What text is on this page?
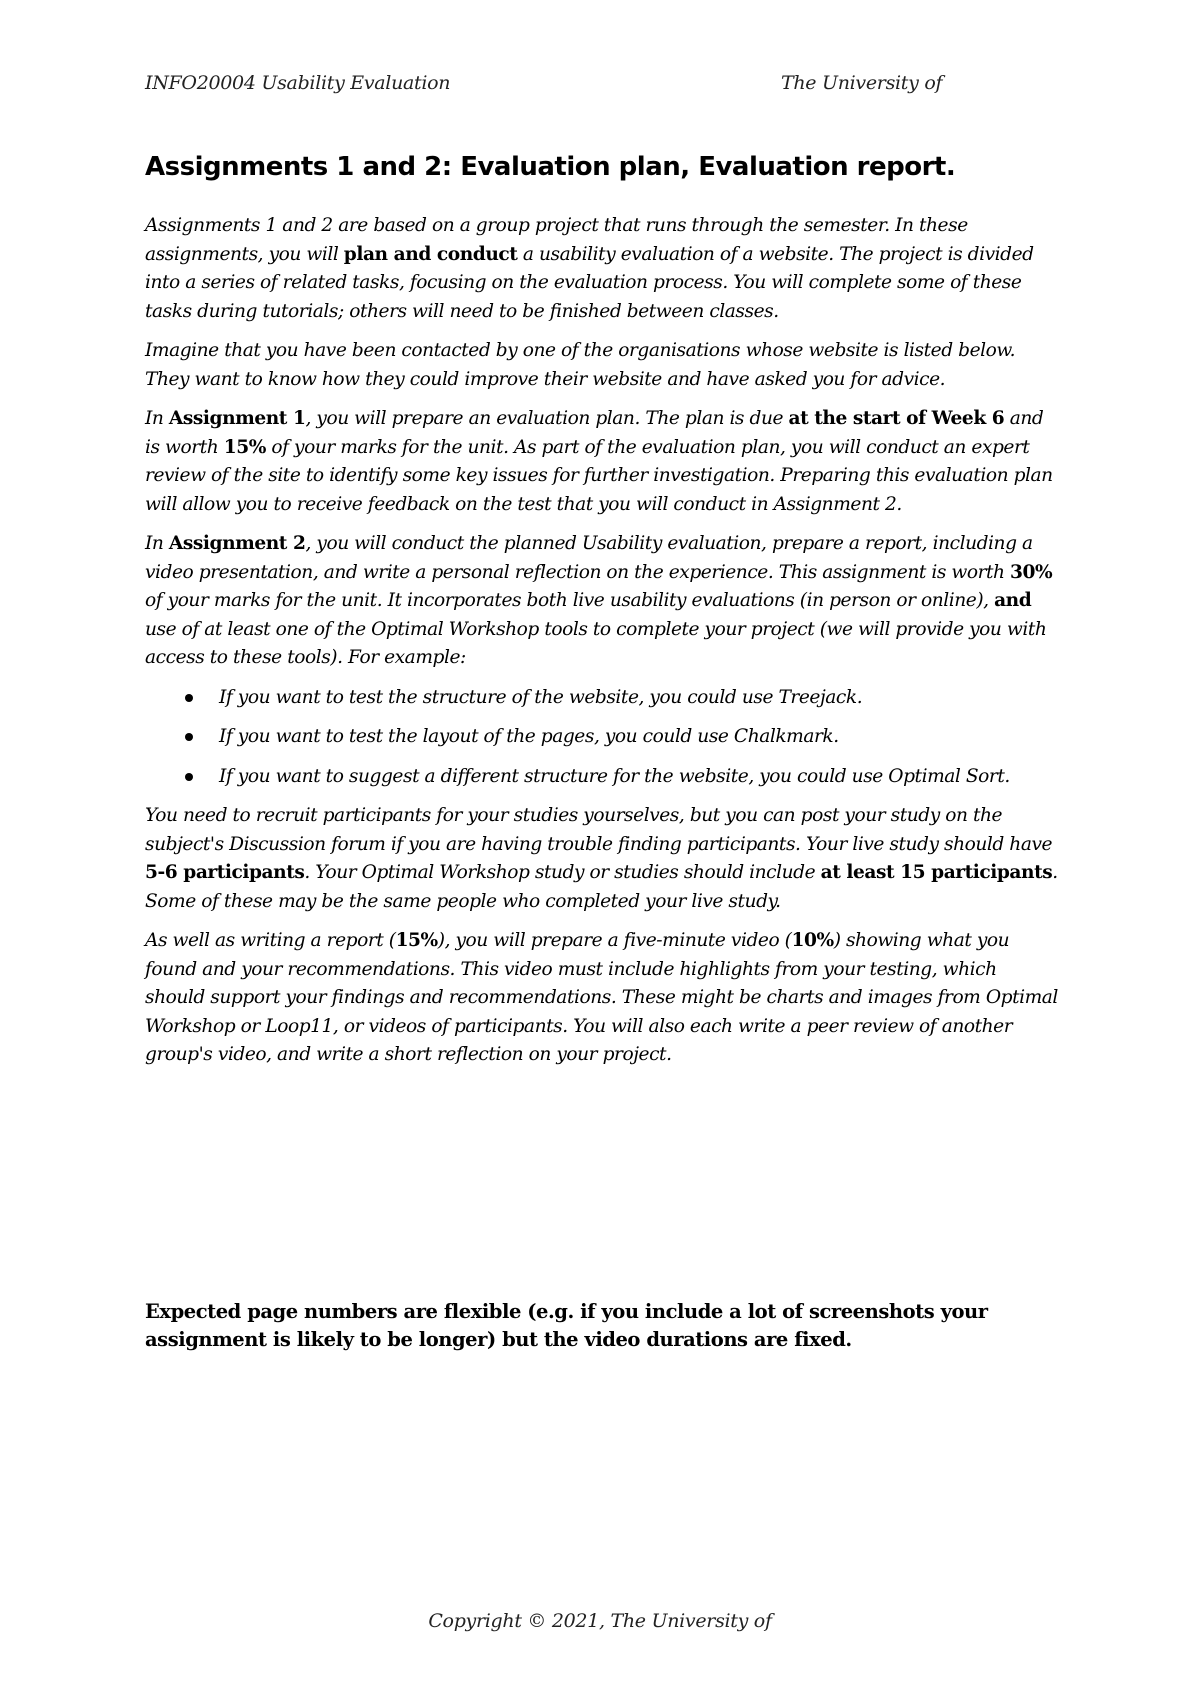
INFO20004 Usability Evaluation	The University of
Assignments 1 and 2: Evaluation plan, Evaluation report.

Assignments 1 and 2 are based on a group project that runs through the semester. In these assignments, you will plan and conduct a usability evaluation of a website. The project is divided into a series of related tasks, focusing on the evaluation process. You will complete some of these tasks during tutorials; others will need to be finished between classes.

Imagine that you have been contacted by one of the organisations whose website is listed below. They want to know how they could improve their website and have asked you for advice.

In Assignment 1, you will prepare an evaluation plan. The plan is due at the start of Week 6 and is worth 15% of your marks for the unit. As part of the evaluation plan, you will conduct an expert review of the site to identify some key issues for further investigation. Preparing this evaluation plan will allow you to receive feedback on the test that you will conduct in Assignment 2.

In Assignment 2, you will conduct the planned Usability evaluation, prepare a report, including a video presentation, and write a personal reflection on the experience. This assignment is worth 30% of your marks for the unit. It incorporates both live usability evaluations (in person or online), and use of at least one of the Optimal Workshop tools to complete your project (we will provide you with access to these tools). For example:

If you want to test the structure of the website, you could use Treejack.
If you want to test the layout of the pages, you could use Chalkmark.
If you want to suggest a different structure for the website, you could use Optimal Sort.

You need to recruit participants for your studies yourselves, but you can post your study on the subject's Discussion forum if you are having trouble finding participants. Your live study should have 5-6 participants. Your Optimal Workshop study or studies should include at least 15 participants. Some of these may be the same people who completed your live study.

As well as writing a report (15%), you will prepare a five-minute video (10%) showing what you found and your recommendations. This video must include highlights from your testing, which should support your findings and recommendations. These might be charts and images from Optimal Workshop or Loop11, or videos of participants. You will also each write a peer review of another group's video, and write a short reflection on your project.

Expected page numbers are flexible (e.g. if you include a lot of screenshots your assignment is likely to be longer) but the video durations are fixed.

Copyright © 2021, The University of
